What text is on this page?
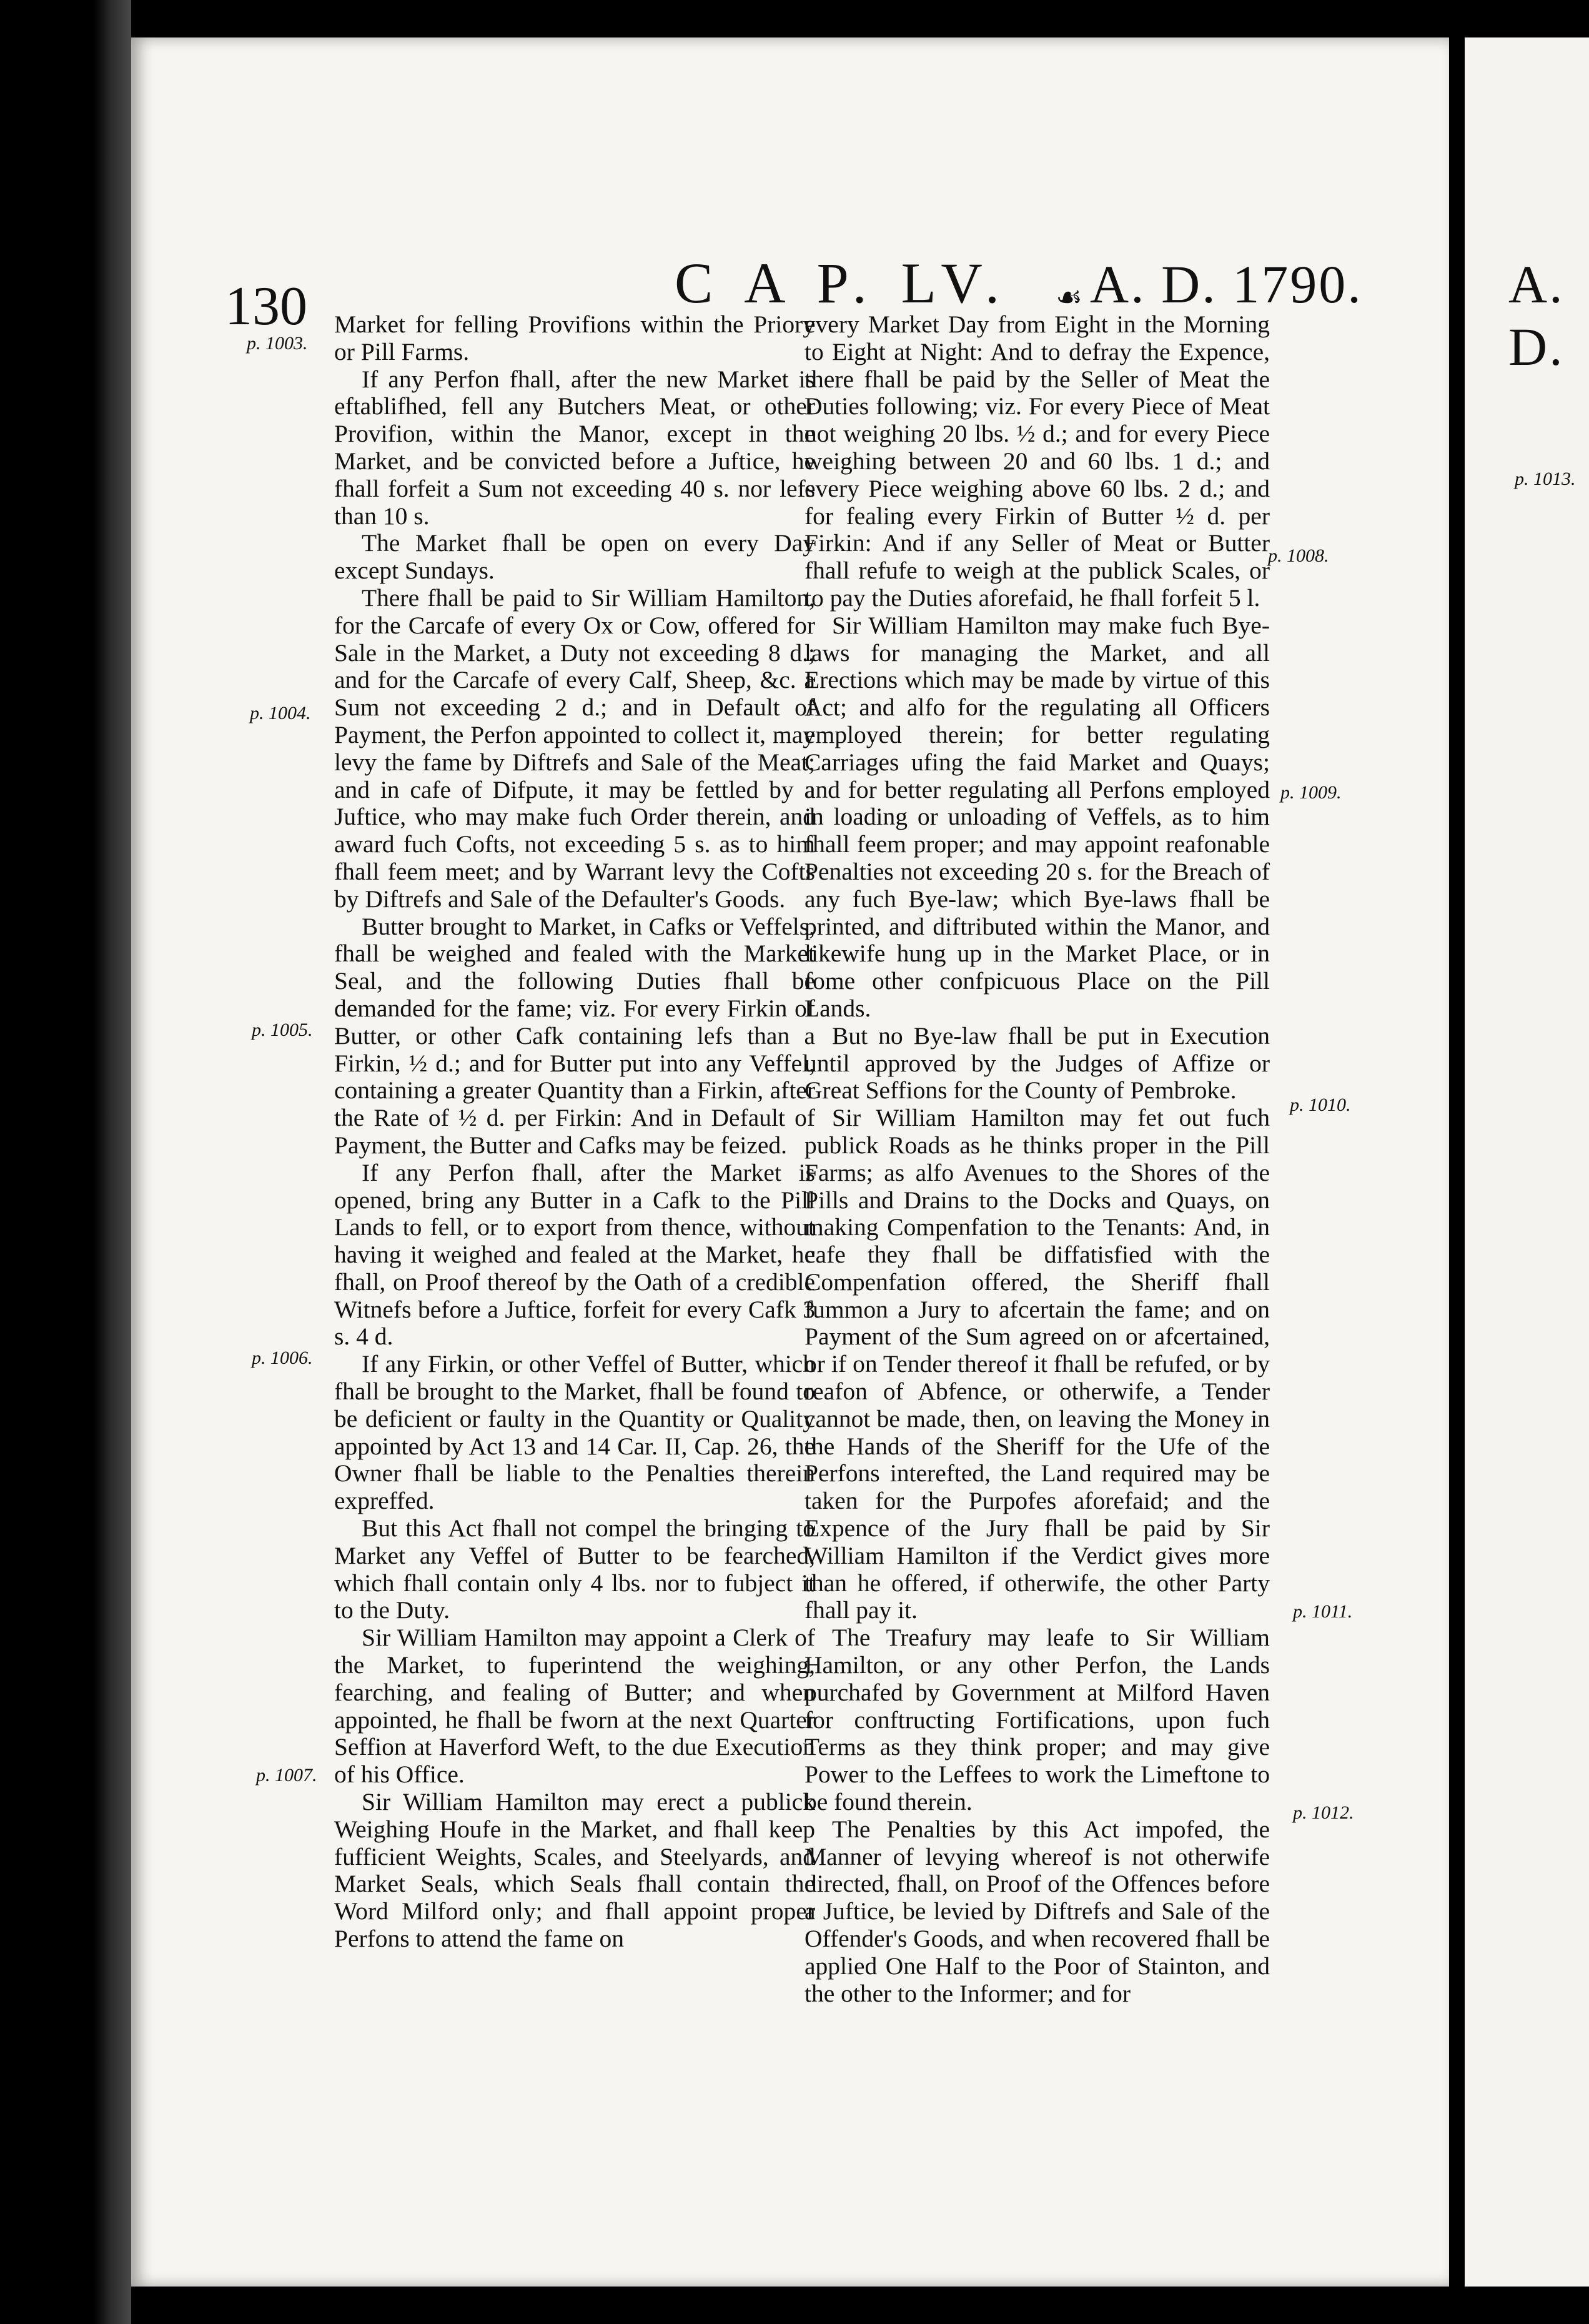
130	C A P. LV. ☙ A. D. 1790.	A. D.
p. 1003.
p. 1004.
p. 1005.
p. 1006.
p. 1007.
p. 1008.
p. 1009.
p. 1010.
p. 1011.
p. 1012.
p. 1013.

Market for felling Provifions within the Priory or Pill Farms.

If any Perfon fhall, after the new Market is eftablifhed, fell any Butchers Meat, or other Provifion, within the Manor, except in the Market, and be convicted before a Juftice, he fhall forfeit a Sum not exceeding 40 s. nor lefs than 10 s.

The Market fhall be open on every Day except Sundays.

There fhall be paid to Sir William Hamilton, for the Carcafe of every Ox or Cow, offered for Sale in the Market, a Duty not exceeding 8 d.; and for the Carcafe of every Calf, Sheep, &c. a Sum not exceeding 2 d.; and in Default of Payment, the Perfon appointed to collect it, may levy the fame by Diftrefs and Sale of the Meat; and in cafe of Difpute, it may be fettled by a Juftice, who may make fuch Order therein, and award fuch Cofts, not exceeding 5 s. as to him fhall feem meet; and by Warrant levy the Cofts by Diftrefs and Sale of the Defaulter's Goods.

Butter brought to Market, in Cafks or Veffels, fhall be weighed and fealed with the Market Seal, and the following Duties fhall be demanded for the fame; viz. For every Firkin of Butter, or other Cafk containing lefs than a Firkin, ½ d.; and for Butter put into any Veffel, containing a greater Quantity than a Firkin, after the Rate of ½ d. per Firkin: And in Default of Payment, the Butter and Cafks may be feized.

If any Perfon fhall, after the Market is opened, bring any Butter in a Cafk to the Pill Lands to fell, or to export from thence, without having it weighed and fealed at the Market, he fhall, on Proof thereof by the Oath of a credible Witnefs before a Juftice, forfeit for every Cafk 3 s. 4 d.

If any Firkin, or other Veffel of Butter, which fhall be brought to the Market, fhall be found to be deficient or faulty in the Quantity or Quality appointed by Act 13 and 14 Car. II, Cap. 26, the Owner fhall be liable to the Penalties therein expreffed.

But this Act fhall not compel the bringing to Market any Veffel of Butter to be fearched, which fhall contain only 4 lbs. nor to fubject it to the Duty.

Sir William Hamilton may appoint a Clerk of the Market, to fuperintend the weighing, fearching, and fealing of Butter; and when appointed, he fhall be fworn at the next Quarter Seffion at Haverford Weft, to the due Execution of his Office.

Sir William Hamilton may erect a publick Weighing Houfe in the Market, and fhall keep fufficient Weights, Scales, and Steelyards, and Market Seals, which Seals fhall contain the Word Milford only; and fhall appoint proper Perfons to attend the fame on

every Market Day from Eight in the Morning to Eight at Night: And to defray the Expence, there fhall be paid by the Seller of Meat the Duties following; viz. For every Piece of Meat not weighing 20 lbs. ½ d.; and for every Piece weighing between 20 and 60 lbs. 1 d.; and every Piece weighing above 60 lbs. 2 d.; and for fealing every Firkin of Butter ½ d. per Firkin: And if any Seller of Meat or Butter fhall refufe to weigh at the publick Scales, or to pay the Duties aforefaid, he fhall forfeit 5 l.

Sir William Hamilton may make fuch Bye-laws for managing the Market, and all Erections which may be made by virtue of this Act; and alfo for the regulating all Officers employed therein; for better regulating Carriages ufing the faid Market and Quays; and for better regulating all Perfons employed in loading or unloading of Veffels, as to him fhall feem proper; and may appoint reafonable Penalties not exceeding 20 s. for the Breach of any fuch Bye-law; which Bye-laws fhall be printed, and diftributed within the Manor, and likewife hung up in the Market Place, or in fome other confpicuous Place on the Pill Lands.

But no Bye-law fhall be put in Execution until approved by the Judges of Affize or Great Seffions for the County of Pembroke.

Sir William Hamilton may fet out fuch publick Roads as he thinks proper in the Pill Farms; as alfo Avenues to the Shores of the Pills and Drains to the Docks and Quays, on making Compenfation to the Tenants: And, in cafe they fhall be diffatisfied with the Compenfation offered, the Sheriff fhall fummon a Jury to afcertain the fame; and on Payment of the Sum agreed on or afcertained, or if on Tender thereof it fhall be refufed, or by reafon of Abfence, or otherwife, a Tender cannot be made, then, on leaving the Money in the Hands of the Sheriff for the Ufe of the Perfons interefted, the Land required may be taken for the Purpofes aforefaid; and the Expence of the Jury fhall be paid by Sir William Hamilton if the Verdict gives more than he offered, if otherwife, the other Party fhall pay it.

The Treafury may leafe to Sir William Hamilton, or any other Perfon, the Lands purchafed by Government at Milford Haven for conftructing Fortifications, upon fuch Terms as they think proper; and may give Power to the Leffees to work the Limeftone to be found therein.

The Penalties by this Act impofed, the Manner of levying whereof is not otherwife directed, fhall, on Proof of the Offences before a Juftice, be levied by Diftrefs and Sale of the Offender's Goods, and when recovered fhall be applied One Half to the Poor of Stainton, and the other to the Informer; and for
